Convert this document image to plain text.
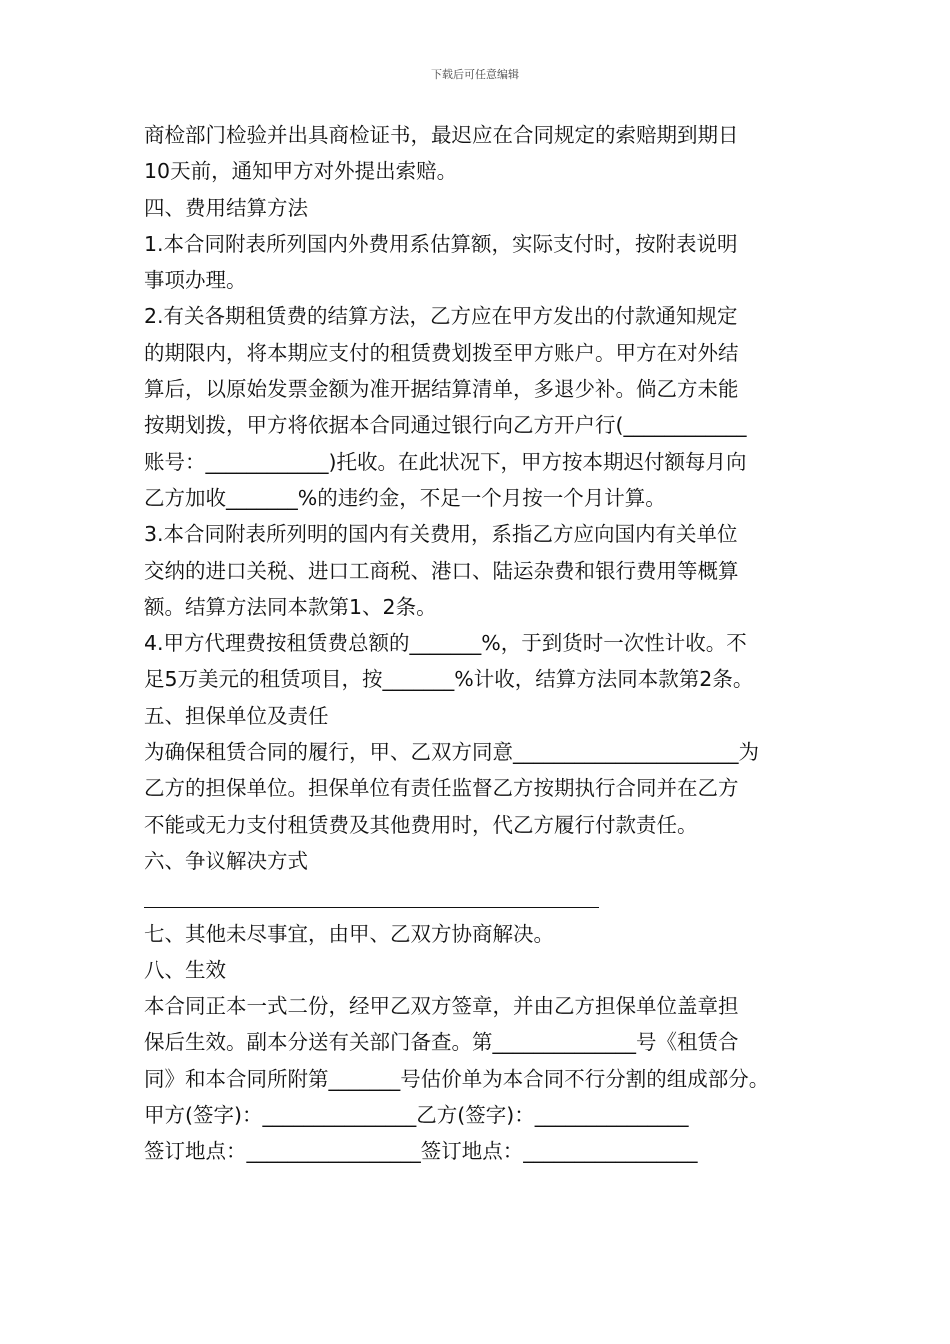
下载后可任意编辑
商检部门检验并出具商检证书，最迟应在合同规定的索赔期到期日
10天前，通知甲方对外提出索赔。
四、费用结算方法
1.本合同附表所列国内外费用系估算额，实际支付时，按附表说明
事项办理。
2.有关各期租赁费的结算方法，乙方应在甲方发出的付款通知规定
的期限内，将本期应支付的租赁费划拨至甲方账户。甲方在对外结
算后，以原始发票金额为准开据结算清单，多退少补。倘乙方未能
按期划拨，甲方将依据本合同通过银行向乙方开户行(____________
账号：____________)托收。在此状况下，甲方按本期迟付额每月向
乙方加收_______%的违约金，不足一个月按一个月计算。
3.本合同附表所列明的国内有关费用，系指乙方应向国内有关单位
交纳的进口关税、进口工商税、港口、陆运杂费和银行费用等概算
额。结算方法同本款第1、2条。
4.甲方代理费按租赁费总额的_______%，于到货时一次性计收。不
足5万美元的租赁项目，按_______%计收，结算方法同本款第2条。
五、担保单位及责任
为确保租赁合同的履行，甲、乙双方同意______________________为
乙方的担保单位。担保单位有责任监督乙方按期执行合同并在乙方
不能或无力支付租赁费及其他费用时，代乙方履行付款责任。
六、争议解决方式
七、其他未尽事宜，由甲、乙双方协商解决。
八、生效
本合同正本一式二份，经甲乙双方签章，并由乙方担保单位盖章担
保后生效。副本分送有关部门备查。第______________号《租赁合
同》和本合同所附第_______号估价单为本合同不行分割的组成部分。
甲方(签字)：_______________乙方(签字)：_______________
签订地点：_________________签订地点：_________________
